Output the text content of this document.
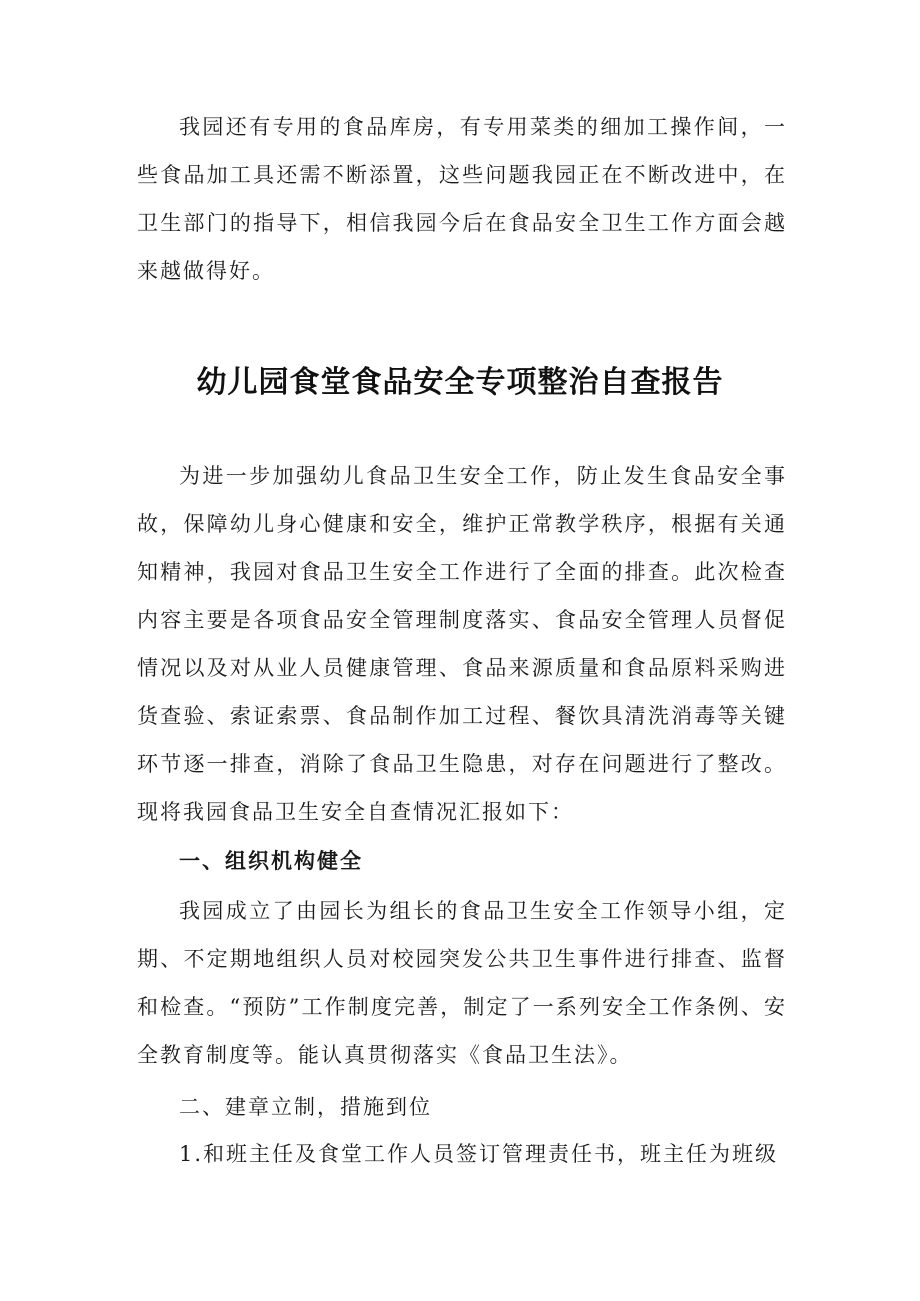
我园还有专用的食品库房，有专用菜类的细加工操作间，一些食品加工具还需不断添置，这些问题我园正在不断改进中，在卫生部门的指导下，相信我园今后在食品安全卫生工作方面会越来越做得好。

幼儿园食堂食品安全专项整治自查报告

为进一步加强幼儿食品卫生安全工作，防止发生食品安全事故，保障幼儿身心健康和安全，维护正常教学秩序，根据有关通知精神，我园对食品卫生安全工作进行了全面的排查。此次检查内容主要是各项食品安全管理制度落实、食品安全管理人员督促情况以及对从业人员健康管理、食品来源质量和食品原料采购进货查验、索证索票、食品制作加工过程、餐饮具清洗消毒等关键环节逐一排查，消除了食品卫生隐患，对存在问题进行了整改。现将我园食品卫生安全自查情况汇报如下：

一、组织机构健全

我园成立了由园长为组长的食品卫生安全工作领导小组，定期、不定期地组织人员对校园突发公共卫生事件进行排查、监督和检查。“预防”工作制度完善，制定了一系列安全工作条例、安全教育制度等。能认真贯彻落实《食品卫生法》。

二、建章立制，措施到位

1.和班主任及食堂工作人员签订管理责任书，班主任为班级
